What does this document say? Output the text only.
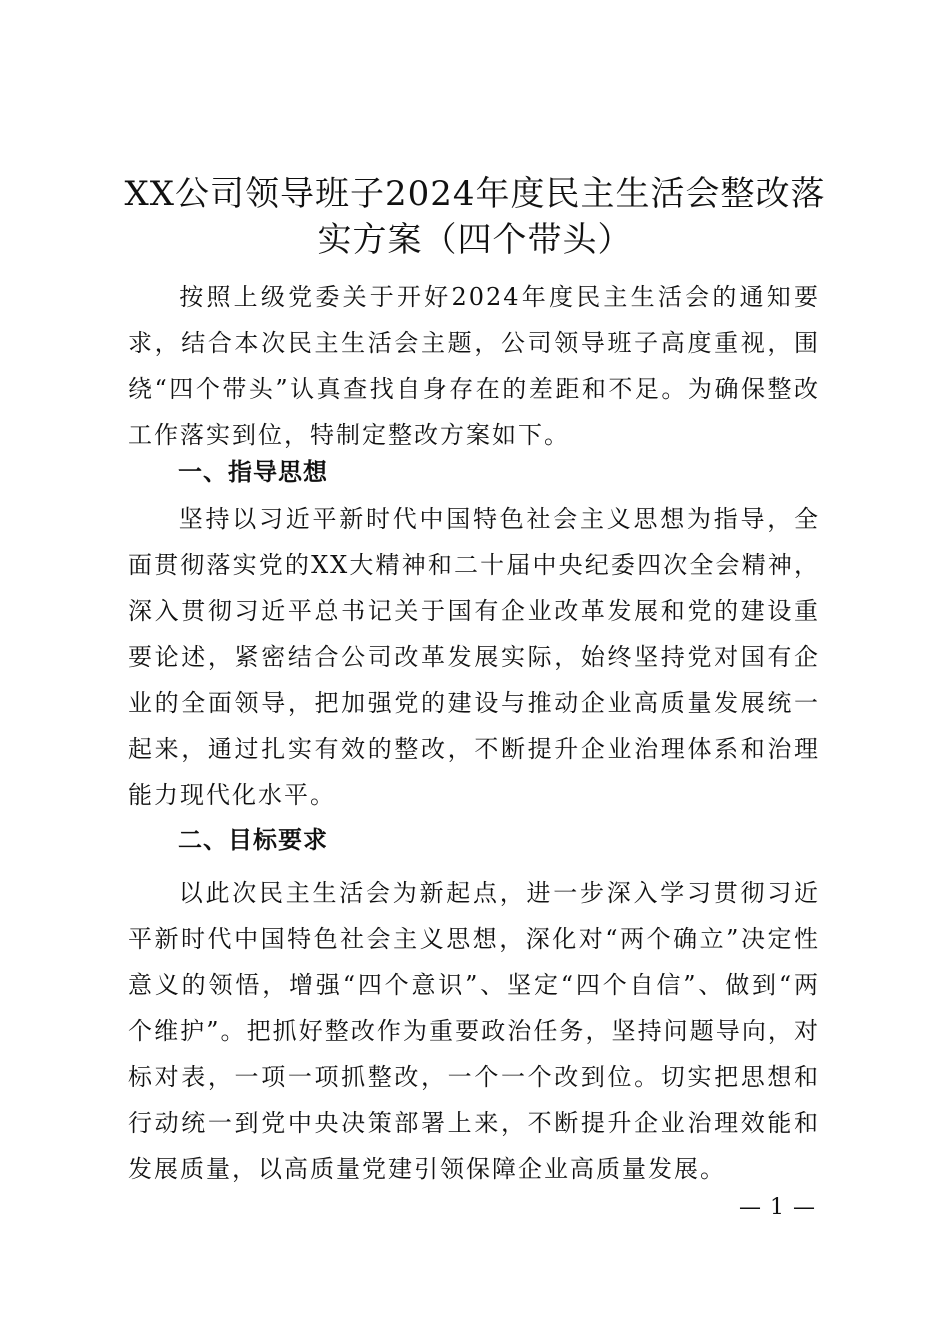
XX公司领导班子2024年度民主生活会整改落
实方案（四个带头）

按照上级党委关于开好2024年度民主生活会的通知要求，结合本次民主生活会主题，公司领导班子高度重视，围绕“四个带头”认真查找自身存在的差距和不足。为确保整改工作落实到位，特制定整改方案如下。

一、指导思想

坚持以习近平新时代中国特色社会主义思想为指导，全面贯彻落实党的XX大精神和二十届中央纪委四次全会精神，深入贯彻习近平总书记关于国有企业改革发展和党的建设重要论述，紧密结合公司改革发展实际，始终坚持党对国有企业的全面领导，把加强党的建设与推动企业高质量发展统一起来，通过扎实有效的整改，不断提升企业治理体系和治理能力现代化水平。

二、目标要求

以此次民主生活会为新起点，进一步深入学习贯彻习近平新时代中国特色社会主义思想，深化对“两个确立”决定性意义的领悟，增强“四个意识”、坚定“四个自信”、做到“两个维护”。把抓好整改作为重要政治任务，坚持问题导向，对标对表，一项一项抓整改，一个一个改到位。切实把思想和行动统一到党中央决策部署上来，不断提升企业治理效能和发展质量，以高质量党建引领保障企业高质量发展。

— 1 —
